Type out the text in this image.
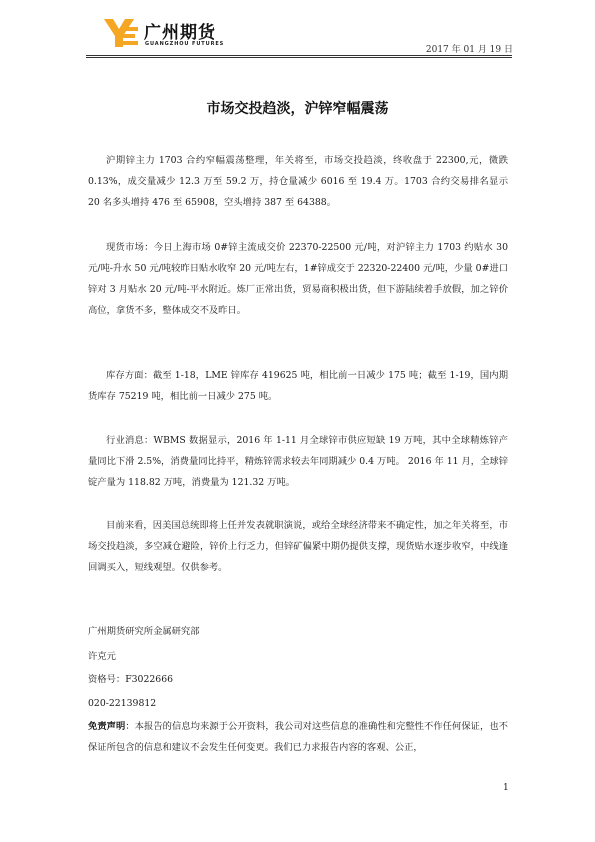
广州期货
GUANGZHOU FUTURES
2017 年 01 月 19 日
市场交投趋淡，沪锌窄幅震荡

沪期锌主力 1703 合约窄幅震荡整理，年关将至，市场交投趋淡，终收盘于 22300,元，微跌 0.13%，成交量减少 12.3 万至 59.2 万，持仓量减少 6016 至 19.4 万。1703 合约交易排名显示 20 名多头增持 476 至 65908，空头增持 387 至 64388。

现货市场：今日上海市场 0#锌主流成交价 22370-22500 元/吨，对沪锌主力 1703 约贴水 30 元/吨-升水 50 元/吨较昨日贴水收窄 20 元/吨左右，1#锌成交于 22320-22400 元/吨，少量 0#进口锌对 3 月贴水 20 元/吨-平水附近。炼厂正常出货，贸易商积极出货，但下游陆续着手放假，加之锌价高位，拿货不多，整体成交不及昨日。

库存方面：截至 1-18，LME 锌库存 419625 吨，相比前一日减少 175 吨；截至 1-19，国内期货库存 75219 吨，相比前一日减少 275 吨。

行业消息：WBMS 数据显示，2016 年 1-11 月全球锌市供应短缺 19 万吨，其中全球精炼锌产量同比下滑 2.5%，消费量同比持平，精炼锌需求较去年同期减少 0.4 万吨。 2016 年 11 月，全球锌锭产量为 118.82 万吨，消费量为 121.32 万吨。

目前来看，因美国总统即将上任并发表就职演说，或给全球经济带来不确定性，加之年关将至，市场交投趋淡，多空减仓避险，锌价上行乏力，但锌矿偏紧中期仍提供支撑，现货贴水逐步收窄，中线逢回调买入，短线观望。仅供参考。

广州期货研究所金属研究部
许克元
资格号：F3022666
020-22139812

免责声明：本报告的信息均来源于公开资料，我公司对这些信息的准确性和完整性不作任何保证，也不保证所包含的信息和建议不会发生任何变更。我们已力求报告内容的客观、公正，

1
